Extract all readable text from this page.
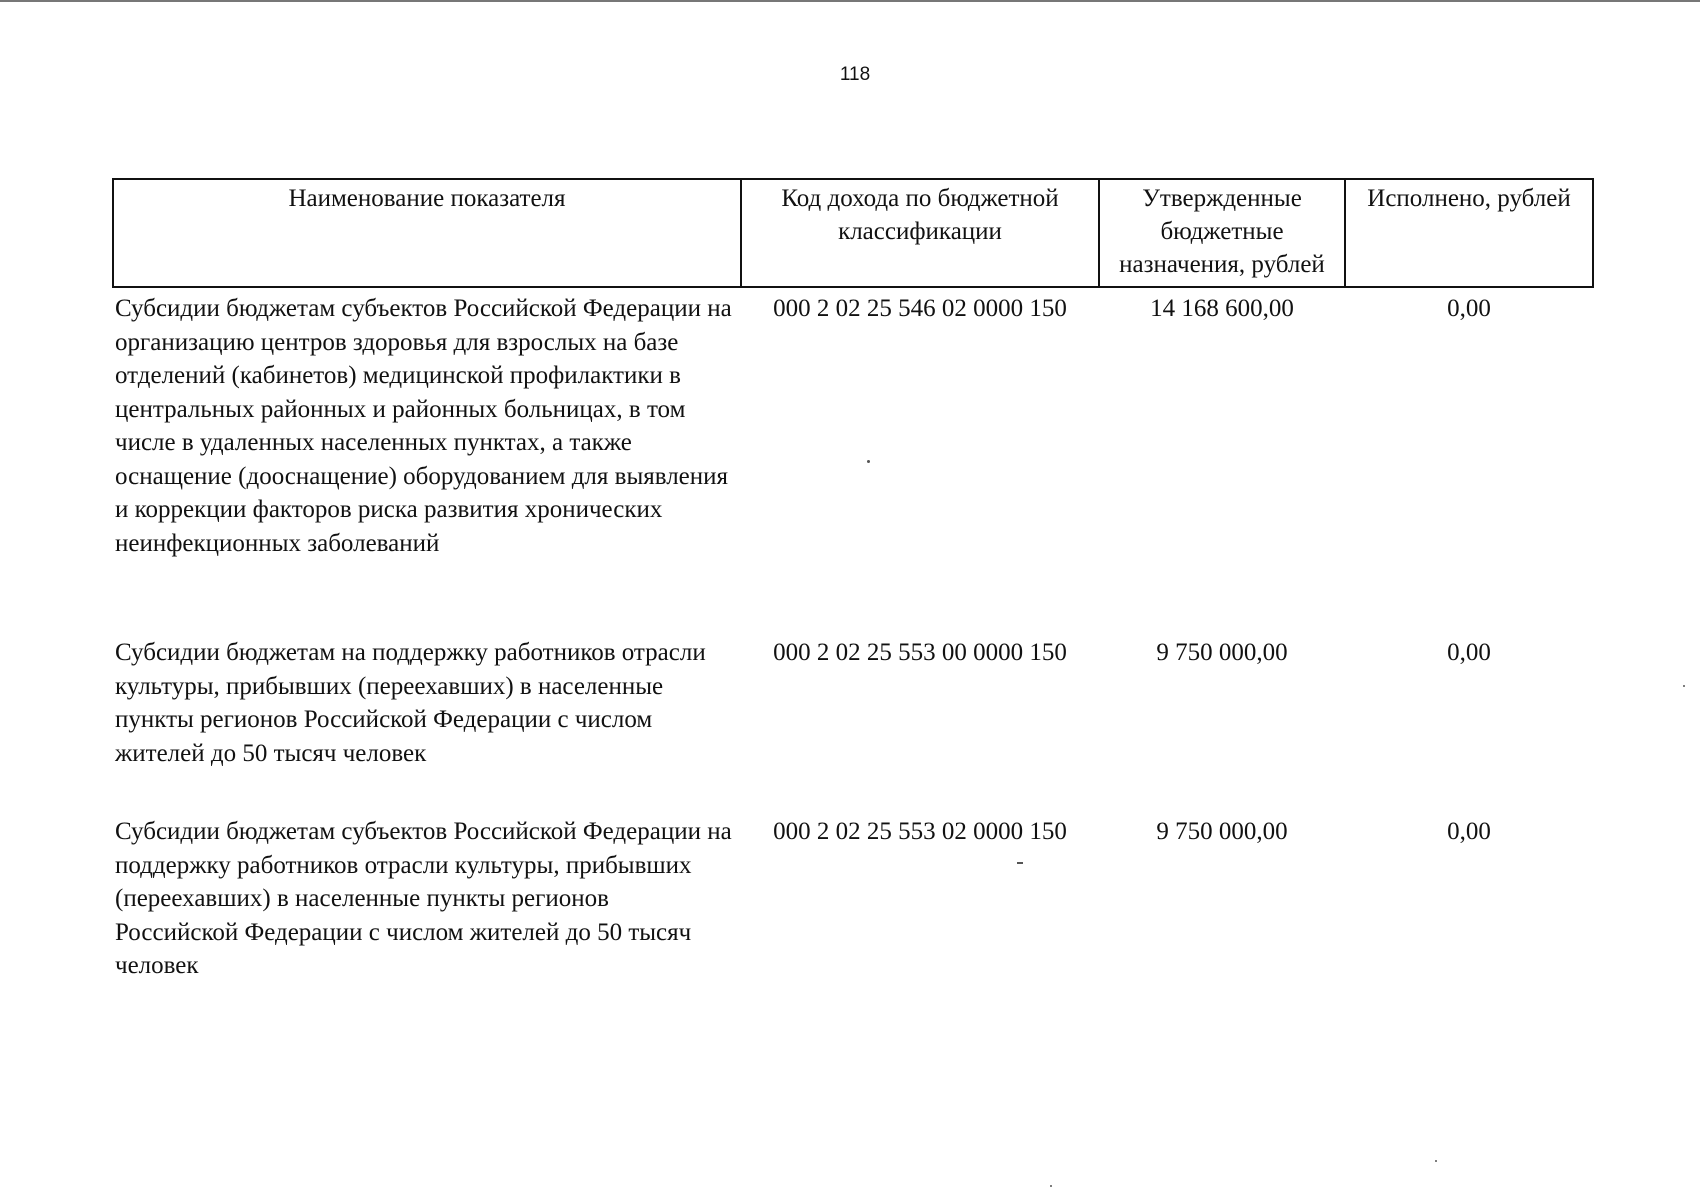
118
Наименование показателя	Код дохода по бюджетной классификации	Утвержденные бюджетные назначения, рублей	Исполнено, рублей
Субсидии бюджетам субъектов Российской Федерации на организацию центров здоровья для взрослых на базе отделений (кабинетов) медицинской профилактики в центральных районных и районных больницах, в том числе в удаленных населенных пунктах, а также оснащение (дооснащение) оборудованием для выявления и коррекции факторов риска развития хронических неинфекционных заболеваний	000 2 02 25 546 02 0000 150	14 168 600,00	0,00
Субсидии бюджетам на поддержку работников отрасли культуры, прибывших (переехавших) в населенные пункты регионов Российской Федерации с числом жителей до 50 тысяч человек	000 2 02 25 553 00 0000 150	9 750 000,00	0,00
Субсидии бюджетам субъектов Российской Федерации на поддержку работников отрасли культуры, прибывших (переехавших) в населенные пункты регионов Российской Федерации с числом жителей до 50 тысяч человек	000 2 02 25 553 02 0000 150	9 750 000,00	0,00
